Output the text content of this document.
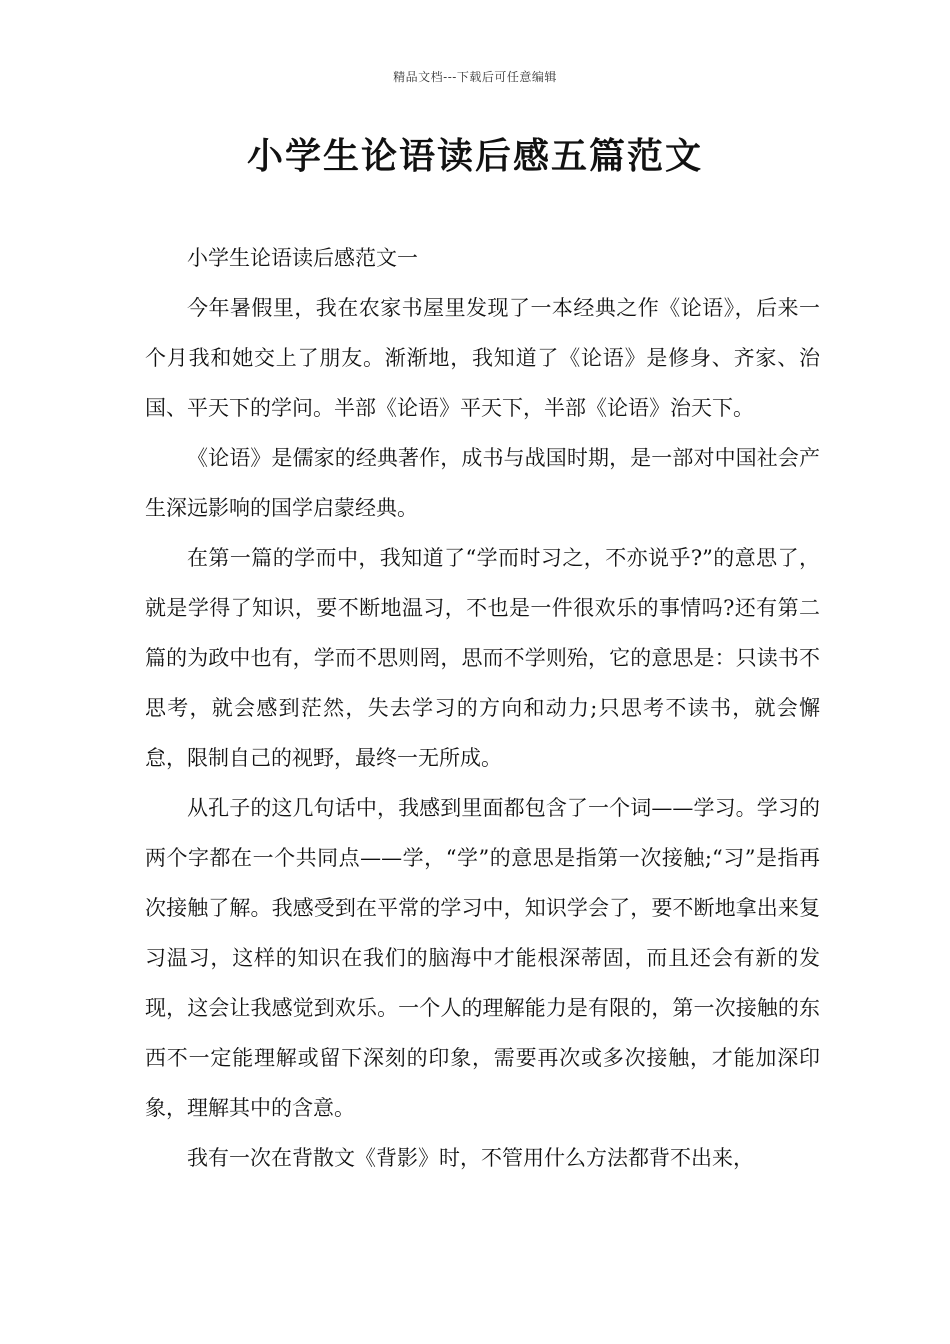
精品文档---下载后可任意编辑
小学生论语读后感五篇范文

小学生论语读后感范文一

今年暑假里，我在农家书屋里发现了一本经典之作《论语》，后来一个月我和她交上了朋友。渐渐地，我知道了《论语》是修身、齐家、治国、平天下的学问。半部《论语》平天下，半部《论语》治天下。

《论语》是儒家的经典著作，成书与战国时期，是一部对中国社会产生深远影响的国学启蒙经典。

在第一篇的学而中，我知道了“学而时习之，不亦说乎?”的意思了，就是学得了知识，要不断地温习，不也是一件很欢乐的事情吗?还有第二篇的为政中也有，学而不思则罔，思而不学则殆，它的意思是：只读书不思考，就会感到茫然，失去学习的方向和动力;只思考不读书，就会懈怠，限制自己的视野，最终一无所成。

从孔子的这几句话中，我感到里面都包含了一个词——学习。学习的两个字都在一个共同点——学，“学”的意思是指第一次接触;“习”是指再次接触了解。我感受到在平常的学习中，知识学会了，要不断地拿出来复习温习，这样的知识在我们的脑海中才能根深蒂固，而且还会有新的发现，这会让我感觉到欢乐。一个人的理解能力是有限的，第一次接触的东西不一定能理解或留下深刻的印象，需要再次或多次接触，才能加深印象，理解其中的含意。

我有一次在背散文《背影》时，不管用什么方法都背不出来，
